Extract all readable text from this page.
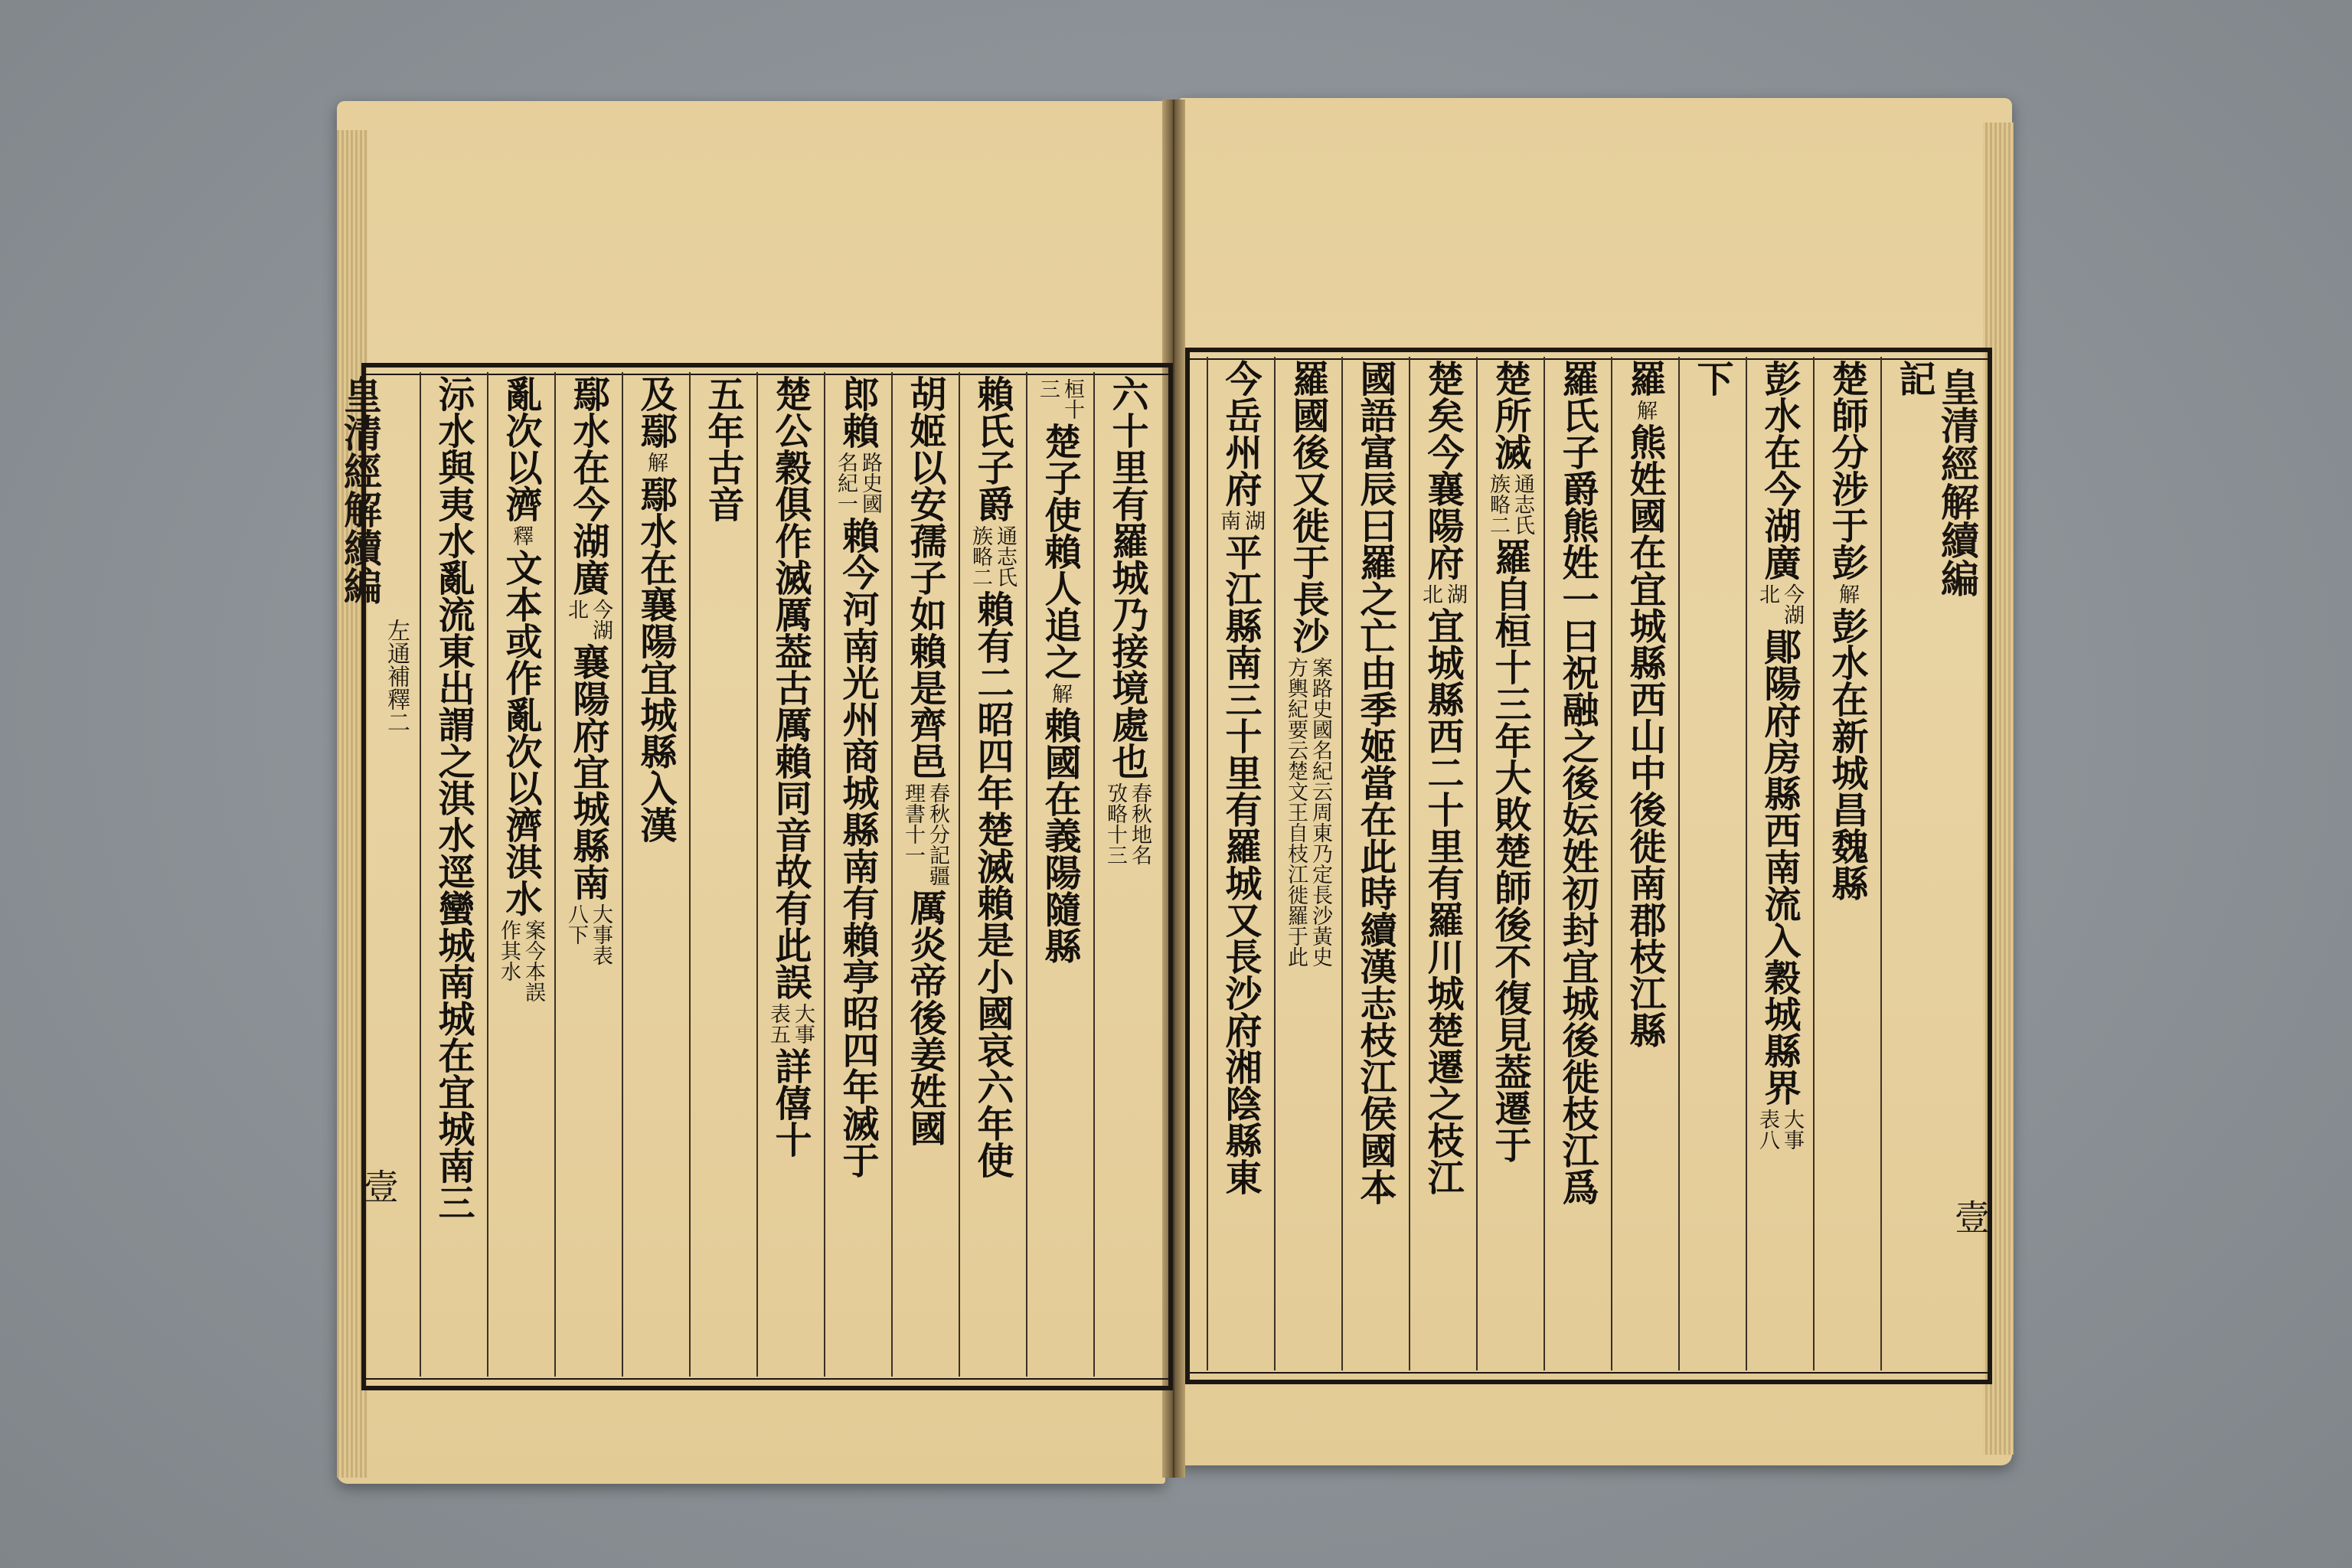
皇清經解續編
左通補釋二
壹
皇清經解續編
壹
六十里有羅城乃接境處也
春秋地名
攷略十三
桓十
三
楚子使賴人追之
解
賴國在義陽隨縣
賴氏子爵
通志氏
族略二
賴有二昭四年楚滅賴是小國哀六年使
胡姬以安孺子如賴是齊邑
春秋分記疆
理書十一
厲炎帝後姜姓國
郎賴
路史國
名紀一
賴今河南光州商城縣南有賴亭昭四年滅于
楚公穀俱作滅厲葢古厲賴同音故有此誤
大事
表五
詳僖十
五年古音
及鄢
解
鄢水在襄陽宜城縣入漢
鄢水在今湖廣
今湖
北
襄陽府宜城縣南
大事表
八下
亂次以濟
釋
文本或作亂次以濟淇水
案今本誤
作其水
沶水與夷水亂流東出謂之淇水逕蠻城南城在宜城南三	記
楚師分涉于彭
解
彭水在新城昌魏縣
彭水在今湖廣
今湖
北
鄖陽府房縣西南流入穀城縣界
大事
表八
下
羅
解
熊姓國在宜城縣西山中後徙南郡枝江縣
羅氏子爵熊姓一曰祝融之後妘姓初封宜城後徙枝江爲
楚所滅
通志氏
族略二
羅自桓十三年大敗楚師後不復見葢遷于
楚矣今襄陽府
湖
北
宜城縣西二十里有羅川城楚遷之枝江
國語富辰曰羅之亡由季姬當在此時續漢志枝江侯國本
羅國後又徙于長沙
案路史國名紀云周東乃定長沙黃史
方輿紀要云楚文王自枝江徙羅于此
今岳州府
湖
南
平江縣南三十里有羅城又長沙府湘陰縣東
